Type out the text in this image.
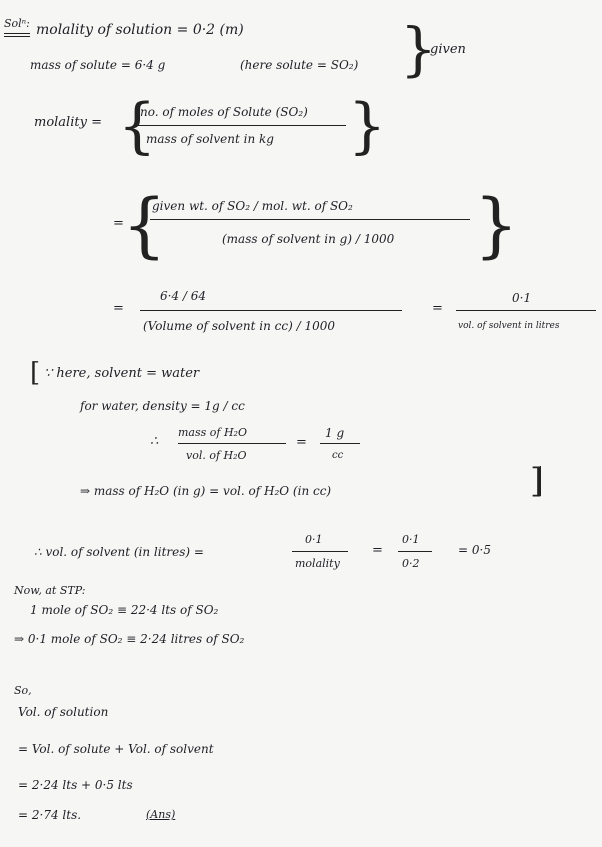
Solⁿ: molality of solution = 0·2 (m)
mass of solute = 6·4 g	(here solute = SO₂) }
given
molality = {
no. of moles of Solute (SO₂)
mass of solvent in kg }
=
{
given wt. of SO₂ / mol. wt. of SO₂
(mass of solvent in g) / 1000 }
=
6·4 / 64
(Volume of solvent in cc) / 1000
=
0·1
vol. of solvent in litres
[ ∵ here, solvent = water
for water, density = 1g / cc
∴
mass of H₂O
vol. of H₂O
=
1 g
cc
⇒ mass of H₂O (in g) = vol. of H₂O (in cc)	]
∴ vol. of solvent (in litres) =
0·1
molality
=
0·1
0·2
= 0·5
Now, at STP:
1 mole of SO₂ ≡ 22·4 lts of SO₂
⇒ 0·1 mole of SO₂ ≡ 2·24 litres of SO₂
So,
Vol. of solution
= Vol. of solute + Vol. of solvent
= 2·24 lts + 0·5 lts
= 2·74 lts.	(Ans)
